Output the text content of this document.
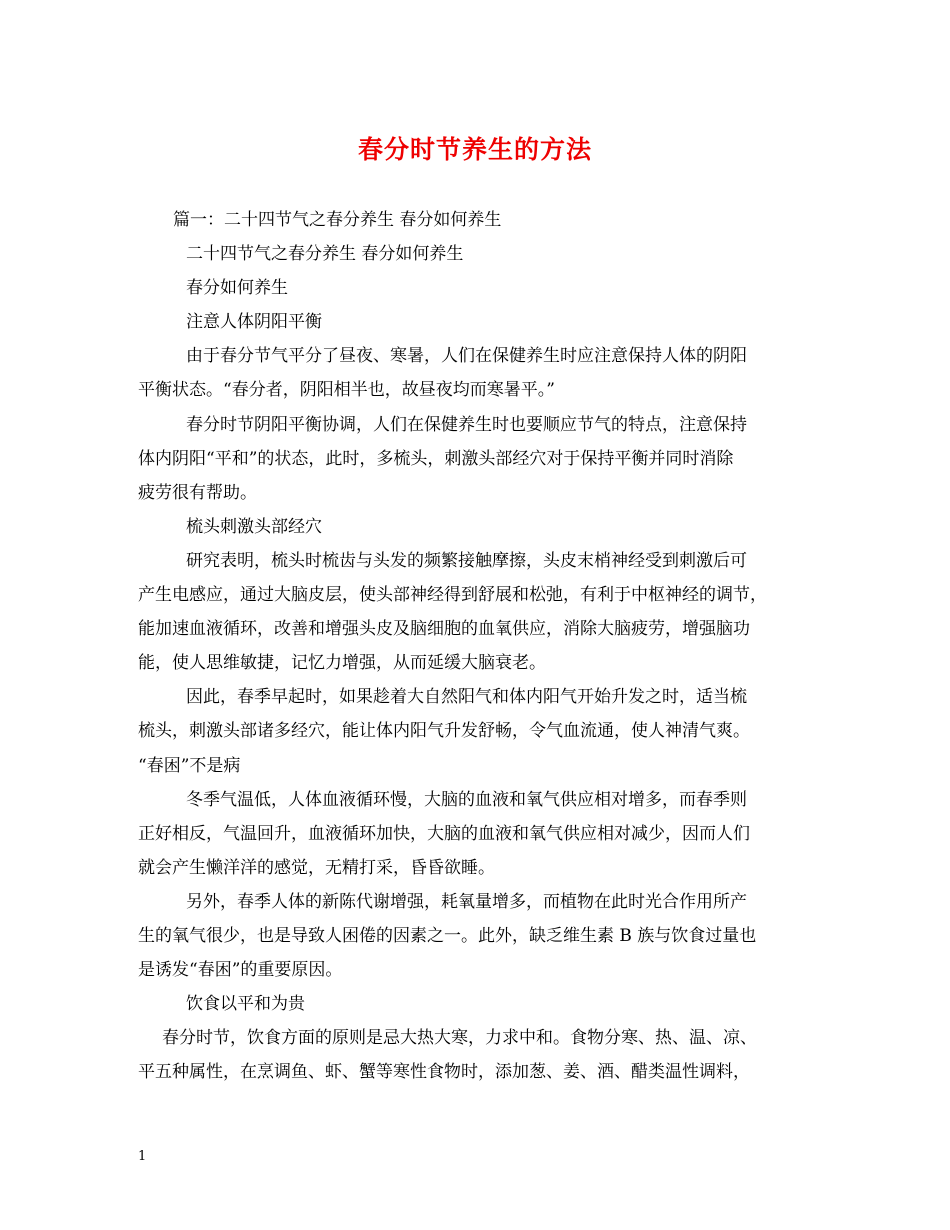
春分时节养生的方法
篇一：二十四节气之春分养生 春分如何养生
二十四节气之春分养生 春分如何养生
春分如何养生
注意人体阴阳平衡
由于春分节气平分了昼夜、寒暑，人们在保健养生时应注意保持人体的阴阳
平衡状态。“春分者，阴阳相半也，故昼夜均而寒暑平。”
春分时节阴阳平衡协调，人们在保健养生时也要顺应节气的特点，注意保持
体内阴阳“平和”的状态，此时，多梳头，刺激头部经穴对于保持平衡并同时消除
疲劳很有帮助。
梳头刺激头部经穴
研究表明，梳头时梳齿与头发的频繁接触摩擦，头皮末梢神经受到刺激后可
产生电感应，通过大脑皮层，使头部神经得到舒展和松弛，有利于中枢神经的调节，
能加速血液循环，改善和增强头皮及脑细胞的血氧供应，消除大脑疲劳，增强脑功
能，使人思维敏捷，记忆力增强，从而延缓大脑衰老。
因此，春季早起时，如果趁着大自然阳气和体内阳气开始升发之时，适当梳
梳头，刺激头部诸多经穴，能让体内阳气升发舒畅，令气血流通，使人神清气爽。
“春困”不是病
冬季气温低，人体血液循环慢，大脑的血液和氧气供应相对增多，而春季则
正好相反，气温回升，血液循环加快，大脑的血液和氧气供应相对减少，因而人们
就会产生懒洋洋的感觉，无精打采，昏昏欲睡。
另外，春季人体的新陈代谢增强，耗氧量增多，而植物在此时光合作用所产
生的氧气很少，也是导致人困倦的因素之一。此外，缺乏维生素 B 族与饮食过量也
是诱发“春困”的重要原因。
饮食以平和为贵
春分时节，饮食方面的原则是忌大热大寒，力求中和。食物分寒、热、温、凉、
平五种属性，在烹调鱼、虾、蟹等寒性食物时，添加葱、姜、酒、醋类温性调料，
1
